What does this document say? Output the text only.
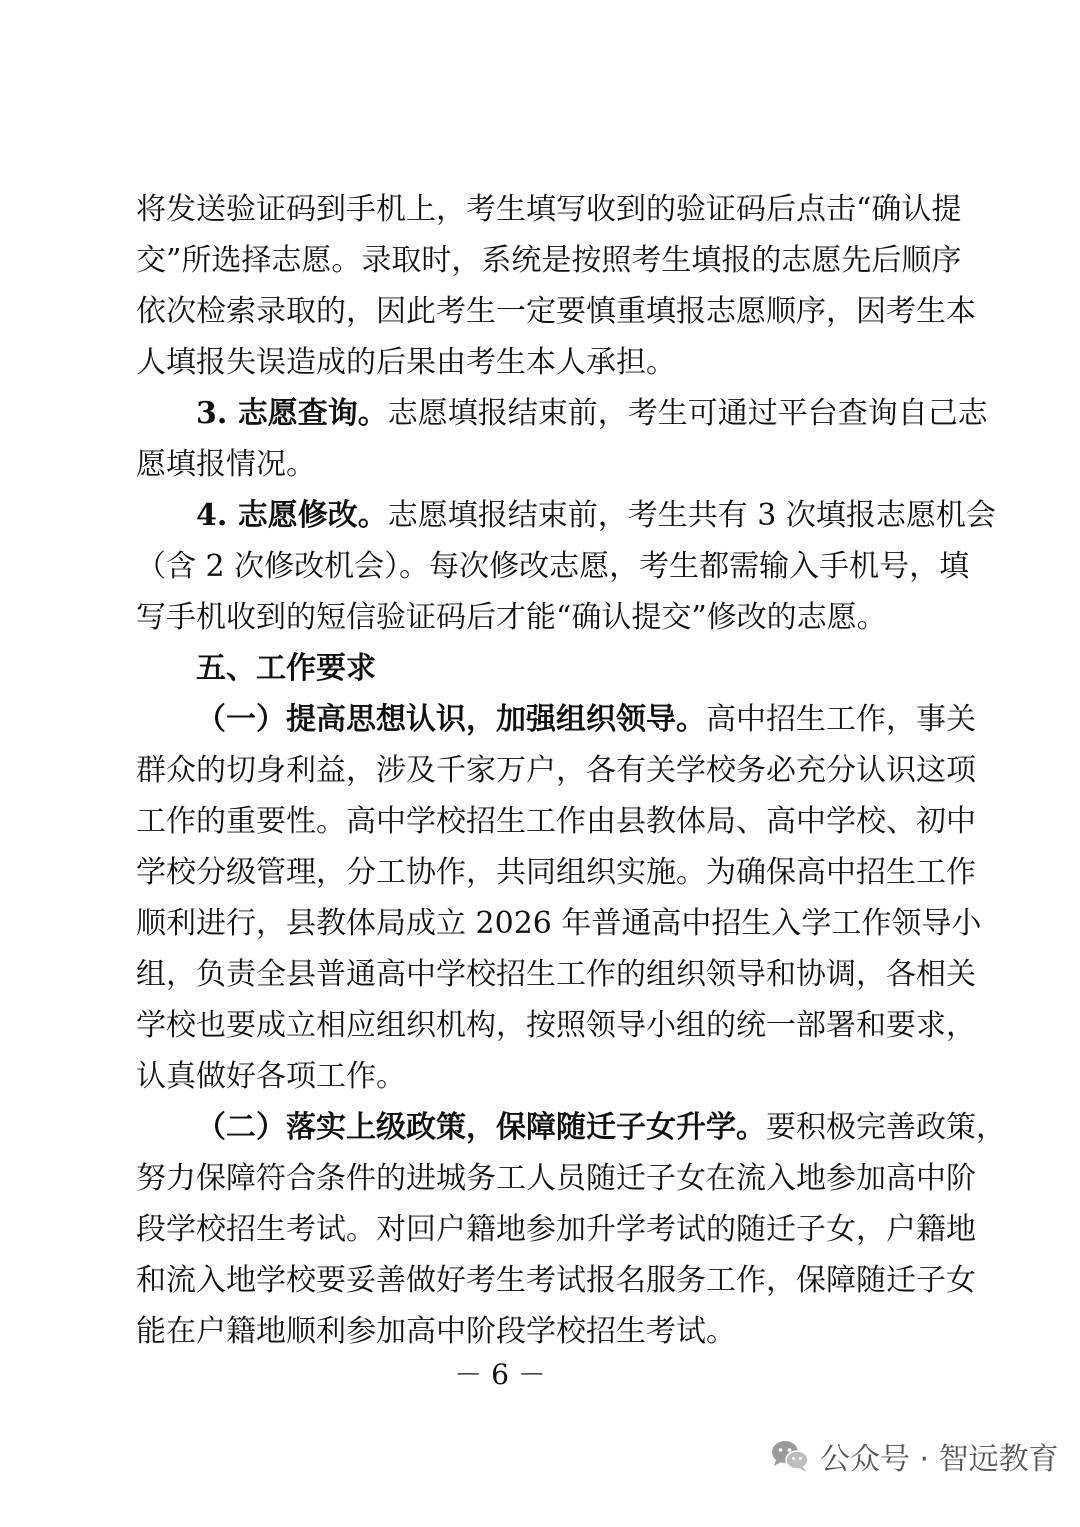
将发送验证码到手机上，考生填写收到的验证码后点击“确认提
交”所选择志愿。录取时，系统是按照考生填报的志愿先后顺序
依次检索录取的，因此考生一定要慎重填报志愿顺序，因考生本
人填报失误造成的后果由考生本人承担。
3. 志愿查询。志愿填报结束前，考生可通过平台查询自己志
愿填报情况。
4. 志愿修改。志愿填报结束前，考生共有 3 次填报志愿机会
（含 2 次修改机会）。每次修改志愿，考生都需输入手机号，填
写手机收到的短信验证码后才能“确认提交”修改的志愿。
五、工作要求
（一）提高思想认识，加强组织领导。高中招生工作，事关
群众的切身利益，涉及千家万户，各有关学校务必充分认识这项
工作的重要性。高中学校招生工作由县教体局、高中学校、初中
学校分级管理，分工协作，共同组织实施。为确保高中招生工作
顺利进行，县教体局成立 2026 年普通高中招生入学工作领导小
组，负责全县普通高中学校招生工作的组织领导和协调，各相关
学校也要成立相应组织机构，按照领导小组的统一部署和要求，
认真做好各项工作。
（二）落实上级政策，保障随迁子女升学。要积极完善政策，
努力保障符合条件的进城务工人员随迁子女在流入地参加高中阶
段学校招生考试。对回户籍地参加升学考试的随迁子女，户籍地
和流入地学校要妥善做好考生考试报名服务工作，保障随迁子女
能在户籍地顺利参加高中阶段学校招生考试。
－ 6 －
公众号 · 智远教育
